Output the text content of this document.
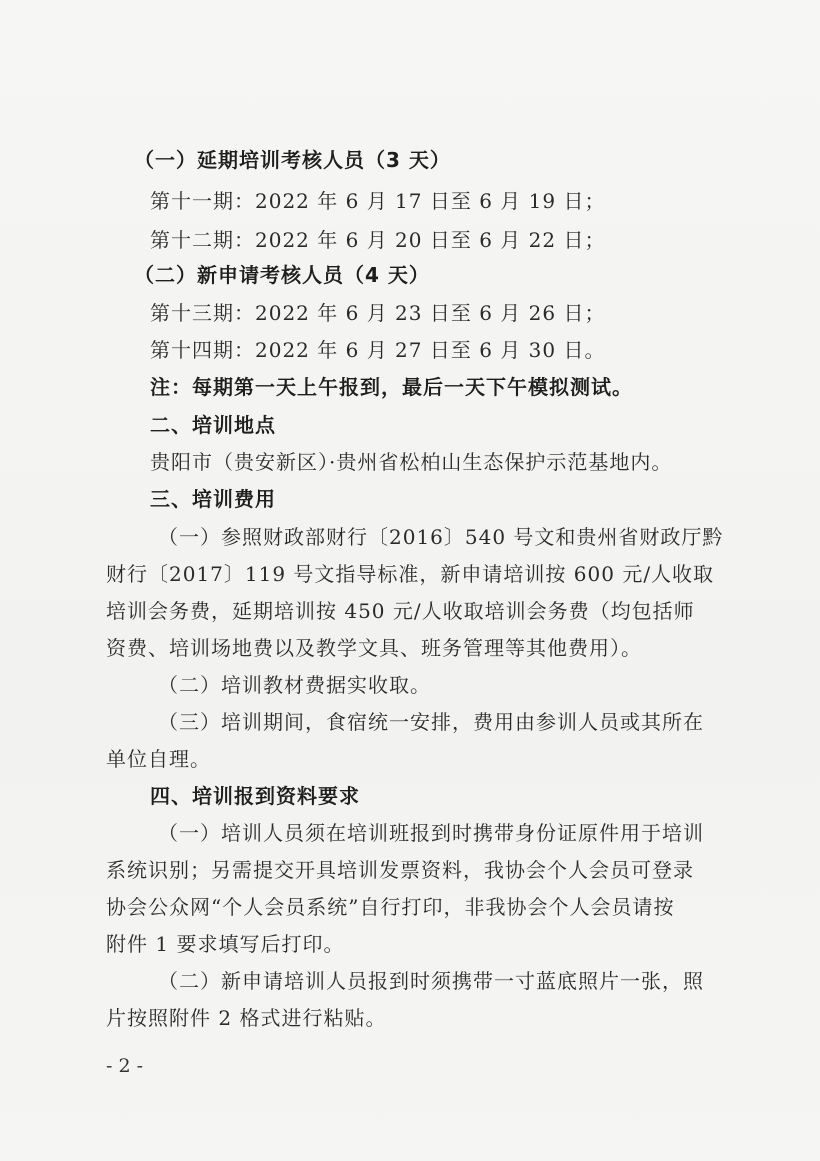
（一）延期培训考核人员（3 天）
第十一期：2022 年 6 月 17 日至 6 月 19 日；
第十二期：2022 年 6 月 20 日至 6 月 22 日；
（二）新申请考核人员（4 天）
第十三期：2022 年 6 月 23 日至 6 月 26 日；
第十四期：2022 年 6 月 27 日至 6 月 30 日。
注：每期第一天上午报到，最后一天下午模拟测试。
二、培训地点
贵阳市（贵安新区）·贵州省松柏山生态保护示范基地内。
三、培训费用
（一）参照财政部财行〔2016〕540 号文和贵州省财政厅黔
财行〔2017〕119 号文指导标准，新申请培训按 600 元/人收取
培训会务费，延期培训按 450 元/人收取培训会务费（均包括师
资费、培训场地费以及教学文具、班务管理等其他费用）。
（二）培训教材费据实收取。
（三）培训期间，食宿统一安排，费用由参训人员或其所在
单位自理。
四、培训报到资料要求
（一）培训人员须在培训班报到时携带身份证原件用于培训
系统识别；另需提交开具培训发票资料，我协会个人会员可登录
协会公众网“个人会员系统”自行打印，非我协会个人会员请按
附件 1 要求填写后打印。
（二）新申请培训人员报到时须携带一寸蓝底照片一张，照
片按照附件 2 格式进行粘贴。
- 2 -
